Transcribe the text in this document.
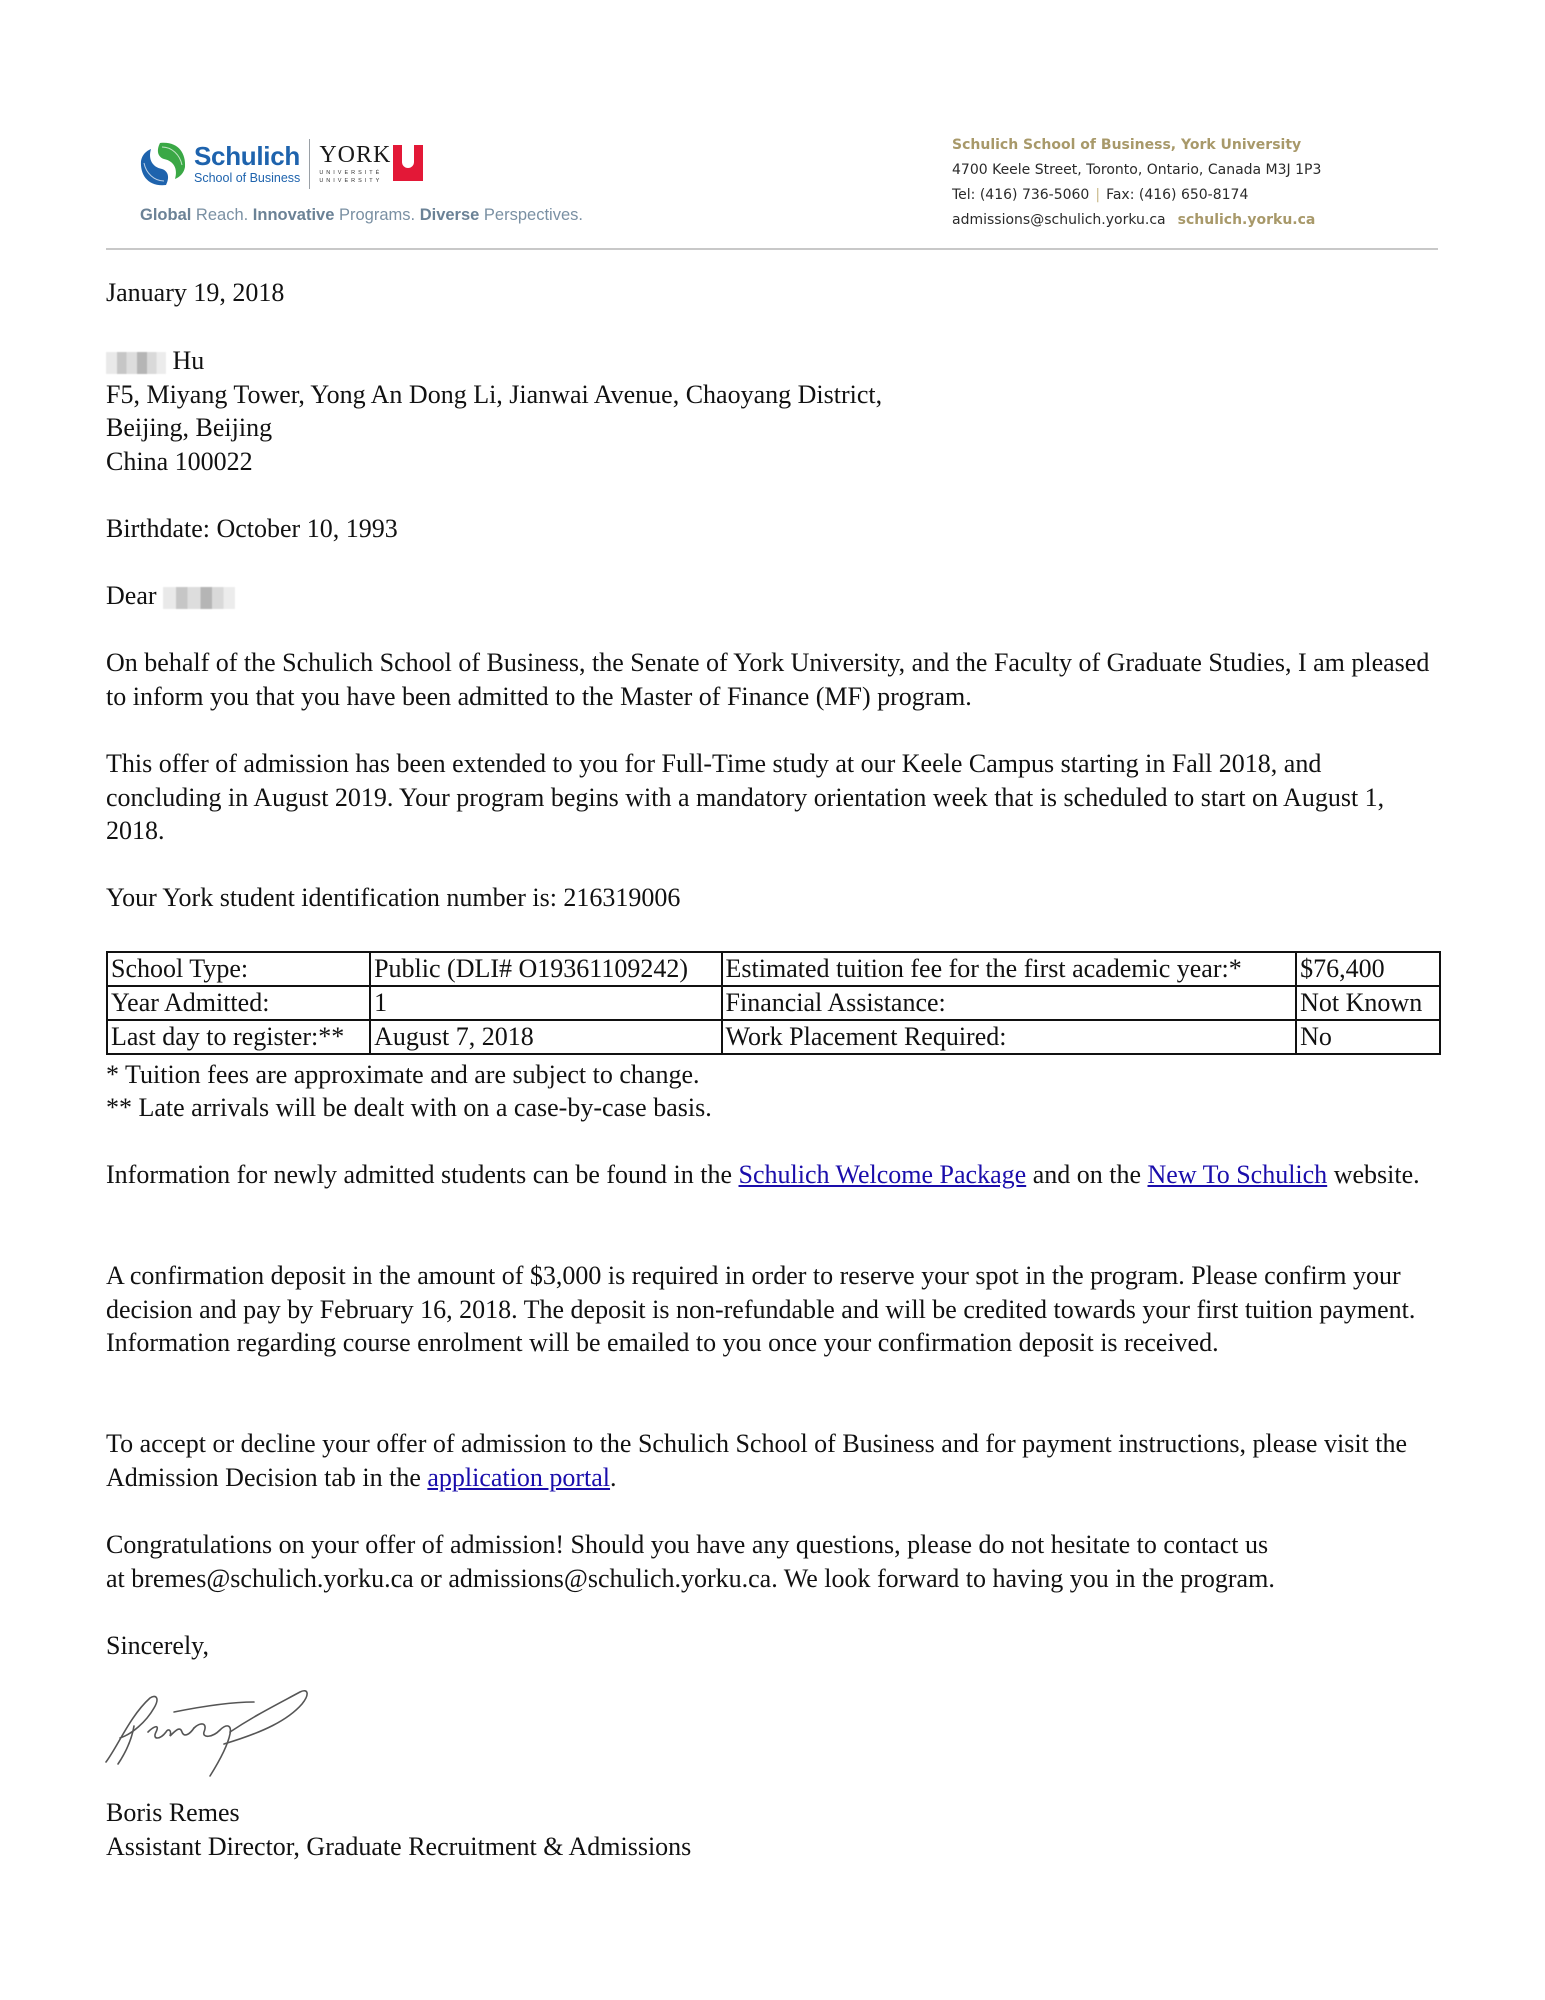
Schulich
School of Business
YORK
UNIVERSITÉ
UNIVERSITY
Global Reach. Innovative Programs. Diverse Perspectives.
Schulich School of Business, York University
4700 Keele Street, Toronto, Ontario, Canada M3J 1P3
Tel: (416) 736-5060 | Fax: (416) 650-8174
admissions@schulich.yorku.ca schulich.yorku.ca
January 19, 2018
Hu
F5, Miyang Tower, Yong An Dong Li, Jianwai Avenue, Chaoyang District,
Beijing, Beijing
China 100022
Birthdate: October 10, 1993
Dear
On behalf of the Schulich School of Business, the Senate of York University, and the Faculty of Graduate Studies, I am pleased to inform you that you have been admitted to the Master of Finance (MF) program.
This offer of admission has been extended to you for Full-Time study at our Keele Campus starting in Fall 2018, and concluding in August 2019. Your program begins with a mandatory orientation week that is scheduled to start on August 1, 2018.
Your York student identification number is: 216319006
School Type:	Public (DLI# O19361109242)	Estimated tuition fee for the first academic year:*	$76,400
Year Admitted:	1	Financial Assistance:	Not Known
Last day to register:**	August 7, 2018	Work Placement Required:	No
* Tuition fees are approximate and are subject to change.
** Late arrivals will be dealt with on a case-by-case basis.
Information for newly admitted students can be found in the Schulich Welcome Package and on the New To Schulich website.
A confirmation deposit in the amount of $3,000 is required in order to reserve your spot in the program. Please confirm your decision and pay by February 16, 2018. The deposit is non-refundable and will be credited towards your first tuition payment. Information regarding course enrolment will be emailed to you once your confirmation deposit is received.
To accept or decline your offer of admission to the Schulich School of Business and for payment instructions, please visit the Admission Decision tab in the application portal.
Congratulations on your offer of admission! Should you have any questions, please do not hesitate to contact us
at bremes@schulich.yorku.ca or admissions@schulich.yorku.ca. We look forward to having you in the program.
Sincerely,
Boris Remes
Assistant Director, Graduate Recruitment & Admissions
